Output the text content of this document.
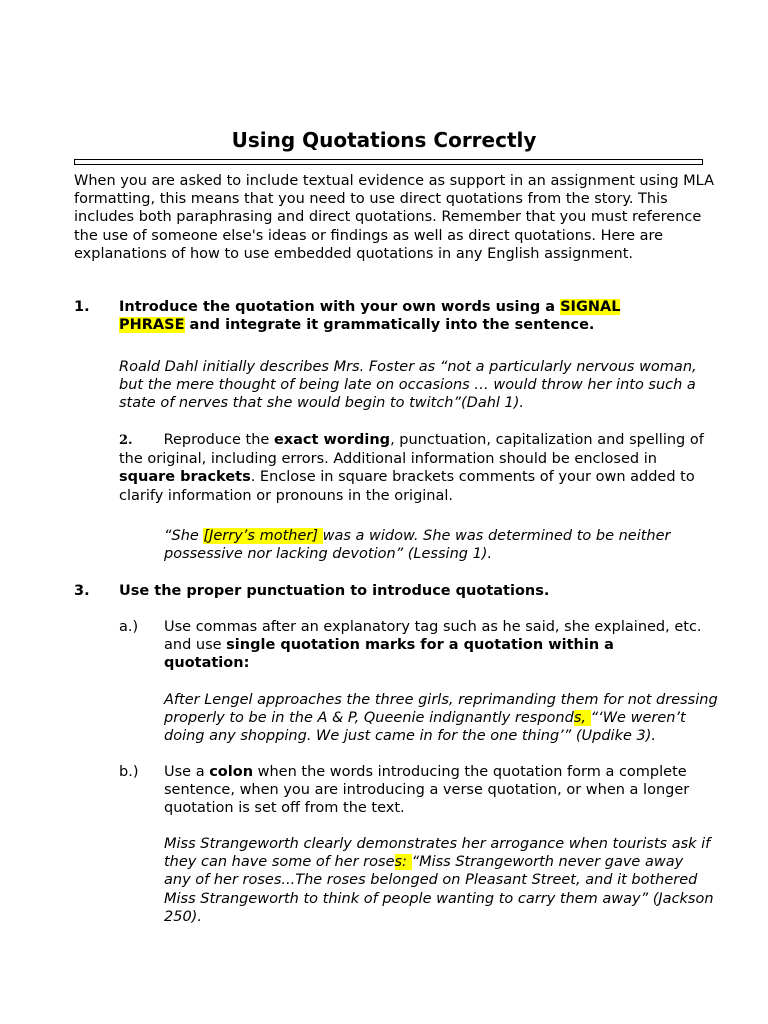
Using Quotations Correctly
When you are asked to include textual evidence as support in an assignment using MLA formatting, this means that you need to use direct quotations from the story. This includes both paraphrasing and direct quotations. Remember that you must reference the use of someone else's ideas or findings as well as direct quotations. Here are explanations of how to use embedded quotations in any English assignment.
1. Introduce the quotation with your own words using a SIGNAL PHRASE and integrate it grammatically into the sentence.
Roald Dahl initially describes Mrs. Foster as “not a particularly nervous woman, but the mere thought of being late on occasions … would throw her into such a state of nerves that she would begin to twitch”(Dahl 1).
2. Reproduce the exact wording, punctuation, capitalization and spelling of the original, including errors. Additional information should be enclosed in square brackets. Enclose in square brackets comments of your own added to clarify information or pronouns in the original.
“She [Jerry’s mother] was a widow. She was determined to be neither possessive nor lacking devotion” (Lessing 1).
3. Use the proper punctuation to introduce quotations.
a.) Use commas after an explanatory tag such as he said, she explained, etc. and use single quotation marks for a quotation within a quotation:
After Lengel approaches the three girls, reprimanding them for not dressing properly to be in the A & P, Queenie indignantly responds, “‘We weren’t doing any shopping. We just came in for the one thing’” (Updike 3).
b.) Use a colon when the words introducing the quotation form a complete sentence, when you are introducing a verse quotation, or when a longer quotation is set off from the text.
Miss Strangeworth clearly demonstrates her arrogance when tourists ask if they can have some of her roses: “Miss Strangeworth never gave away any of her roses...The roses belonged on Pleasant Street, and it bothered Miss Strangeworth to think of people wanting to carry them away” (Jackson 250).
